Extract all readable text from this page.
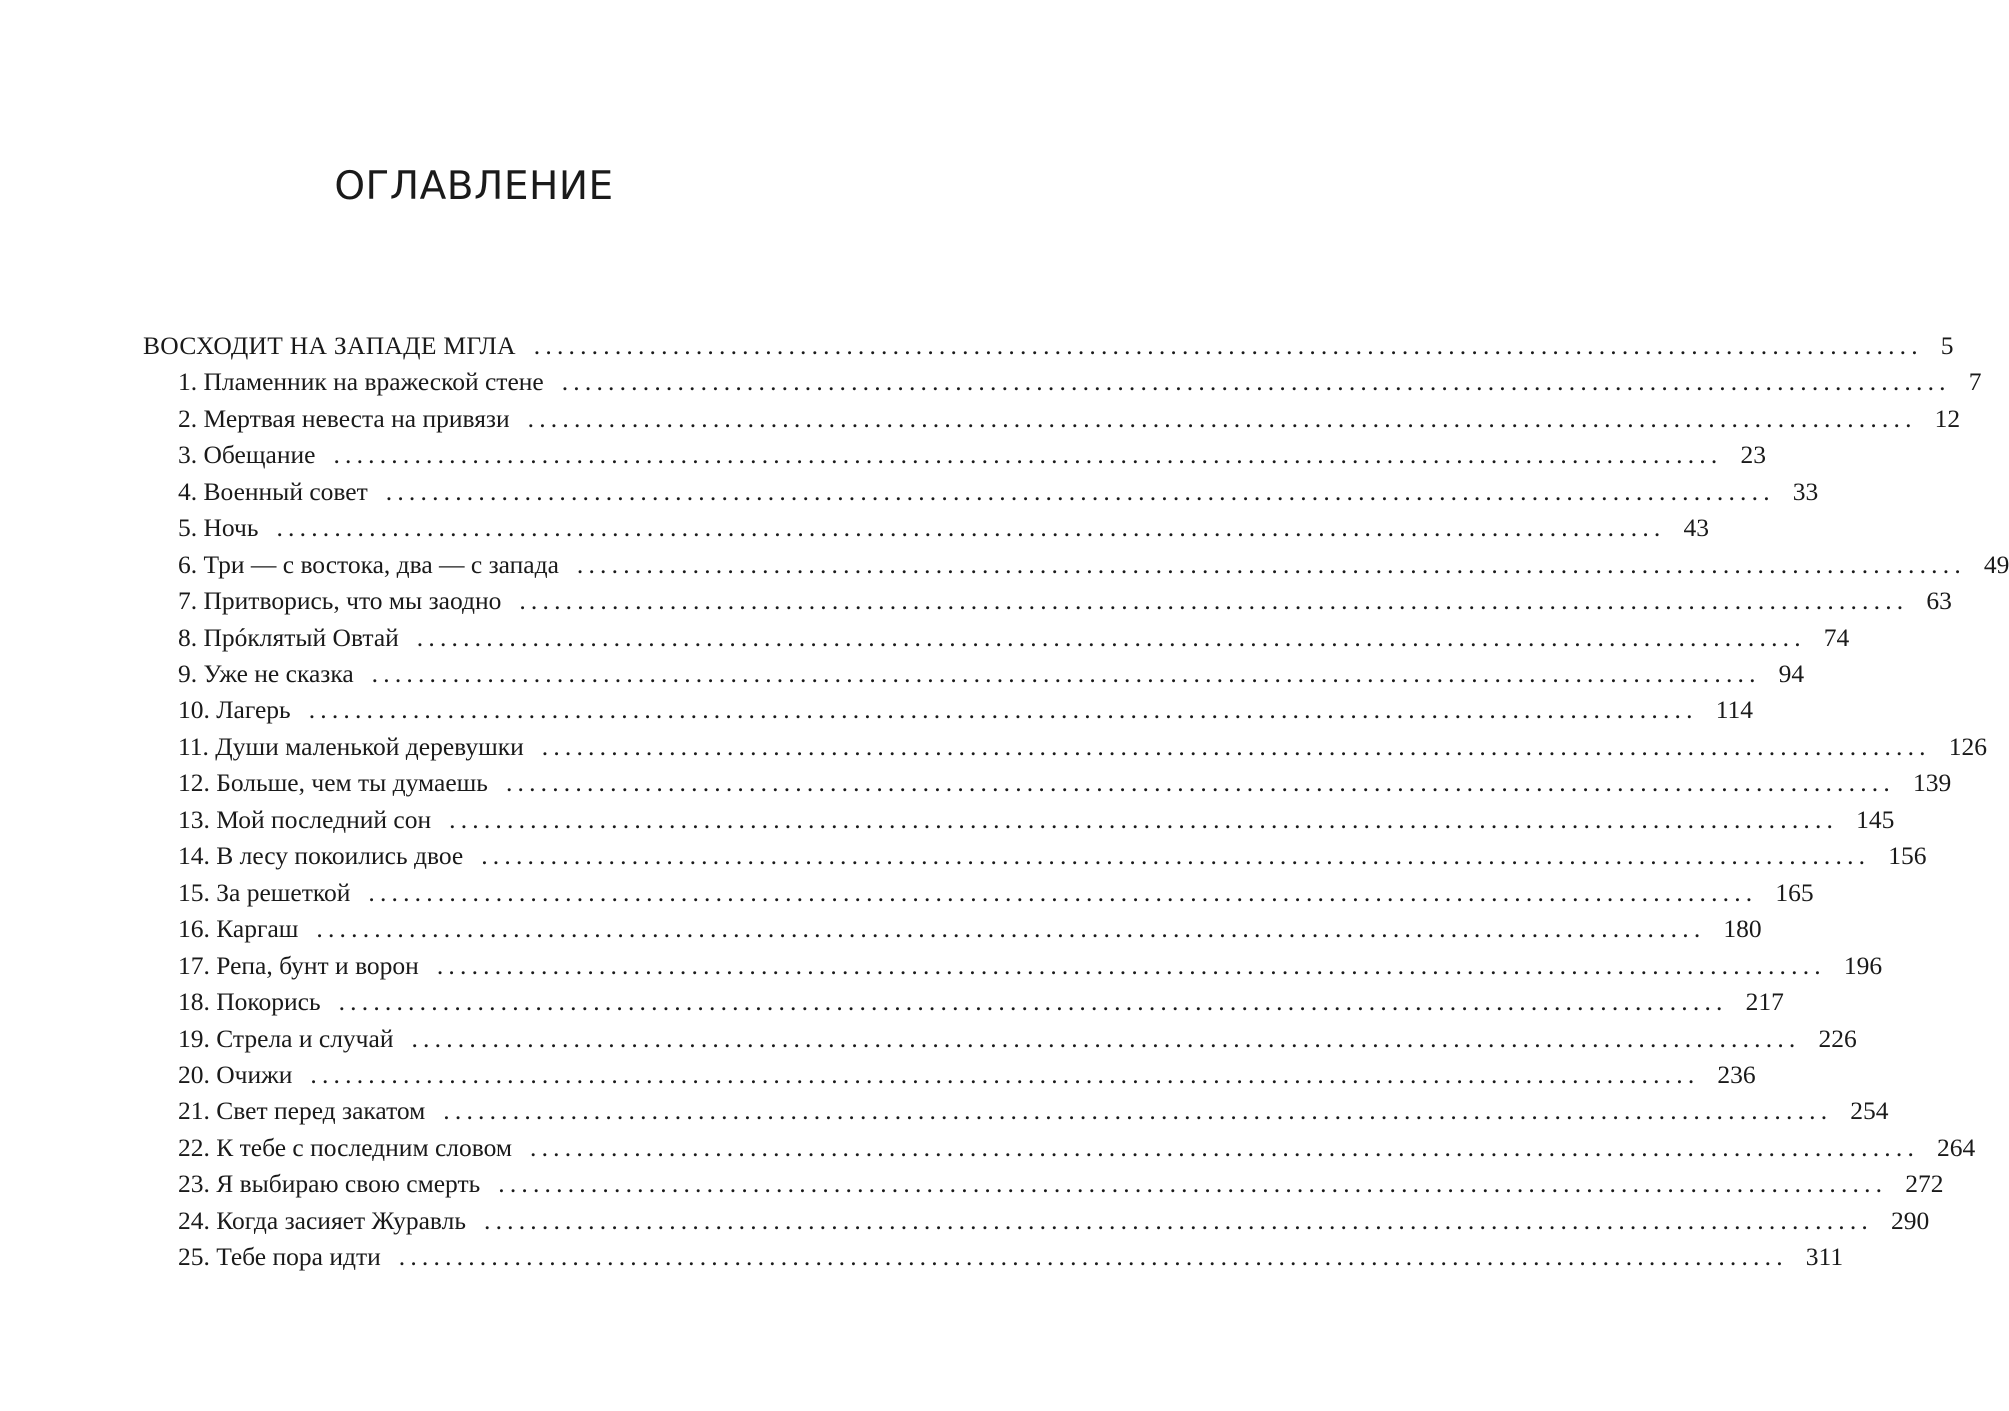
ОГЛАВЛЕНИЕ
ВОСХОДИТ НА ЗАПАДЕ МГЛА ........................................................................................................................ 5
1. Пламенник на вражеской стене ........................................................................................................................ 7
2. Мертвая невеста на привязи ........................................................................................................................ 12
3. Обещание ........................................................................................................................ 23
4. Военный совет ........................................................................................................................ 33
5. Ночь ........................................................................................................................ 43
6. Три — с востока, два — с запада ........................................................................................................................ 49
7. Притворись, что мы заодно ........................................................................................................................ 63
8. Прóклятый Овтай ........................................................................................................................ 74
9. Уже не сказка ........................................................................................................................ 94
10. Лагерь ........................................................................................................................ 114
11. Души маленькой деревушки ........................................................................................................................ 126
12. Больше, чем ты думаешь ........................................................................................................................ 139
13. Мой последний сон ........................................................................................................................ 145
14. В лесу покоились двое ........................................................................................................................ 156
15. За решеткой ........................................................................................................................ 165
16. Каргаш ........................................................................................................................ 180
17. Репа, бунт и ворон ........................................................................................................................ 196
18. Покорись ........................................................................................................................ 217
19. Стрела и случай ........................................................................................................................ 226
20. Очижи ........................................................................................................................ 236
21. Свет перед закатом ........................................................................................................................ 254
22. К тебе с последним словом ........................................................................................................................ 264
23. Я выбираю свою смерть ........................................................................................................................ 272
24. Когда засияет Журавль ........................................................................................................................ 290
25. Тебе пора идти ........................................................................................................................ 311
